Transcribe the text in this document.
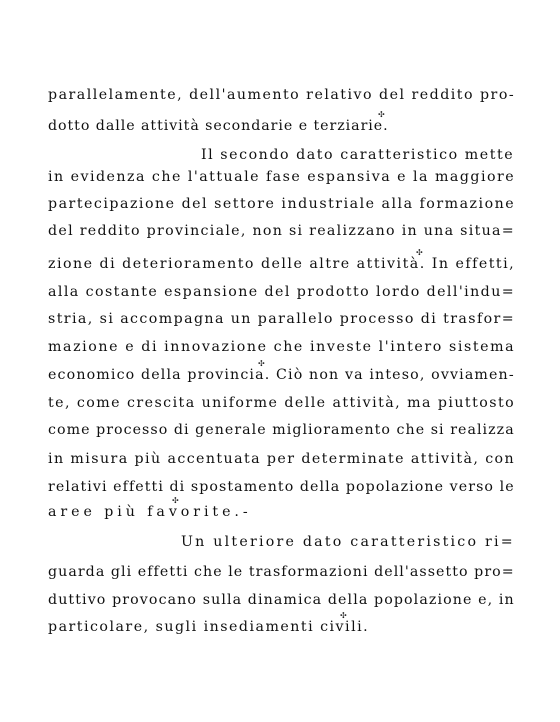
parallelamente, dell'aumento relativo del reddito pro-
dotto dalle attività secondarie e terziarie.
✣
Il secondo dato caratteristico mette
in evidenza che l'attuale fase espansiva e la maggiore
partecipazione del settore industriale alla formazione
del reddito provinciale, non si realizzano in una situa=
zione di deterioramento delle altre attività. In effetti,
✣
alla costante espansione del prodotto lordo dell'indu=
stria, si accompagna un parallelo processo di trasfor=
mazione e di innovazione che investe l'intero sistema
economico della provincia. Ciò non va inteso, ovviamen-
✣
te, come crescita uniforme delle attività, ma piuttosto
come processo di generale miglioramento che si realizza
in misura più accentuata per determinate attività, con
relativi effetti di spostamento della popolazione verso le
aree più favorite.-
✣
Un ulteriore dato caratteristico ri=
guarda gli effetti che le trasformazioni dell'assetto pro=
duttivo provocano sulla dinamica della popolazione e, in
particolare, sugli insediamenti civili.
✣
